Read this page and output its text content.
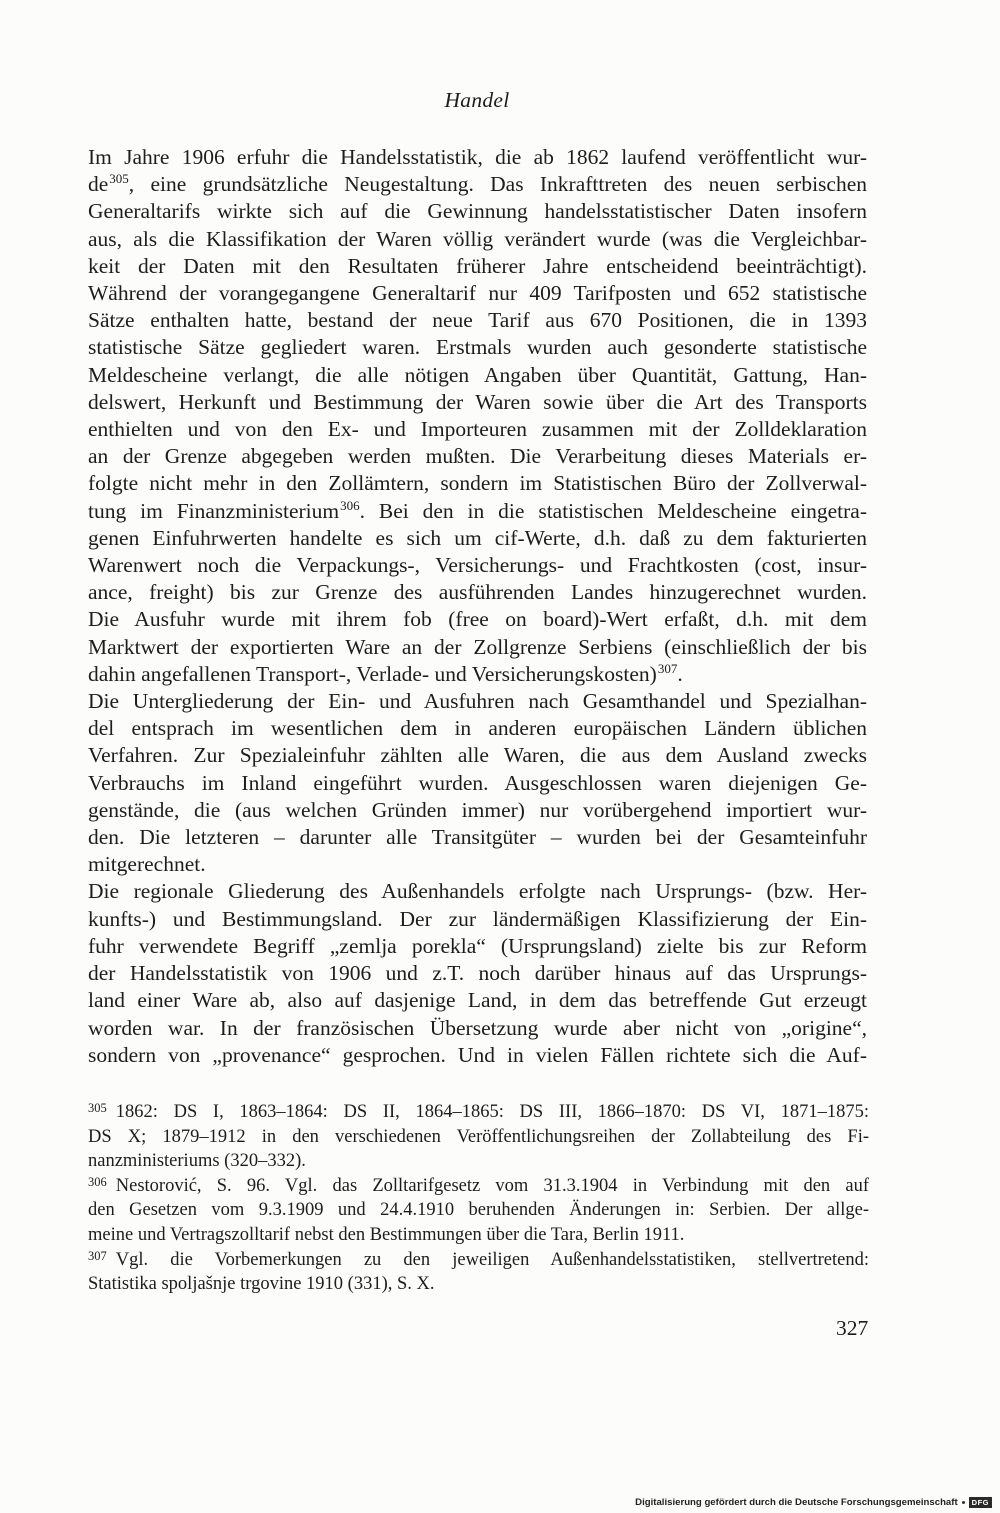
Handel
Im Jahre 1906 erfuhr die Handelsstatistik, die ab 1862 laufend veröffentlicht wur-
de$^{305}$, eine grundsätzliche Neugestaltung. Das Inkrafttreten des neuen serbischen
Generaltarifs wirkte sich auf die Gewinnung handelsstatistischer Daten insofern
aus, als die Klassifikation der Waren völlig verändert wurde (was die Vergleichbar-
keit der Daten mit den Resultaten früherer Jahre entscheidend beeinträchtigt).
Während der vorangegangene Generaltarif nur 409 Tarifposten und 652 statistische
Sätze enthalten hatte, bestand der neue Tarif aus 670 Positionen, die in 1393
statistische Sätze gegliedert waren. Erstmals wurden auch gesonderte statistische
Meldescheine verlangt, die alle nötigen Angaben über Quantität, Gattung, Han-
delswert, Herkunft und Bestimmung der Waren sowie über die Art des Transports
enthielten und von den Ex- und Importeuren zusammen mit der Zolldeklaration
an der Grenze abgegeben werden mußten. Die Verarbeitung dieses Materials er-
folgte nicht mehr in den Zollämtern, sondern im Statistischen Büro der Zollverwal-
tung im Finanzministerium$^{306}$. Bei den in die statistischen Meldescheine eingetra-
genen Einfuhrwerten handelte es sich um cif-Werte, d.h. daß zu dem fakturierten
Warenwert noch die Verpackungs-, Versicherungs- und Frachtkosten (cost, insur-
ance, freight) bis zur Grenze des ausführenden Landes hinzugerechnet wurden.
Die Ausfuhr wurde mit ihrem fob (free on board)-Wert erfaßt, d.h. mit dem
Marktwert der exportierten Ware an der Zollgrenze Serbiens (einschließlich der bis
dahin angefallenen Transport-, Verlade- und Versicherungskosten)$^{307}$.
Die Untergliederung der Ein- und Ausfuhren nach Gesamthandel und Spezialhan-
del entsprach im wesentlichen dem in anderen europäischen Ländern üblichen
Verfahren. Zur Spezialeinfuhr zählten alle Waren, die aus dem Ausland zwecks
Verbrauchs im Inland eingeführt wurden. Ausgeschlossen waren diejenigen Ge-
genstände, die (aus welchen Gründen immer) nur vorübergehend importiert wur-
den. Die letzteren – darunter alle Transitgüter – wurden bei der Gesamteinfuhr
mitgerechnet.
Die regionale Gliederung des Außenhandels erfolgte nach Ursprungs- (bzw. Her-
kunfts-) und Bestimmungsland. Der zur ländermäßigen Klassifizierung der Ein-
fuhr verwendete Begriff „zemlja porekla“ (Ursprungsland) zielte bis zur Reform
der Handelsstatistik von 1906 und z.T. noch darüber hinaus auf das Ursprungs-
land einer Ware ab, also auf dasjenige Land, in dem das betreffende Gut erzeugt
worden war. In der französischen Übersetzung wurde aber nicht von „origine“,
sondern von „provenance“ gesprochen. Und in vielen Fällen richtete sich die Auf-
$^{305}$ 1862: DS I, 1863–1864: DS II, 1864–1865: DS III, 1866–1870: DS VI, 1871–1875:
DS X; 1879–1912 in den verschiedenen Veröffentlichungsreihen der Zollabteilung des Fi-
nanzministeriums (320–332).
$^{306}$ Nestorović, S. 96. Vgl. das Zolltarifgesetz vom 31.3.1904 in Verbindung mit den auf
den Gesetzen vom 9.3.1909 und 24.4.1910 beruhenden Änderungen in: Serbien. Der allge-
meine und Vertragszolltarif nebst den Bestimmungen über die Tara, Berlin 1911.
$^{307}$ Vgl. die Vorbemerkungen zu den jeweiligen Außenhandelsstatistiken, stellvertretend:
Statistika spoljašnje trgovine 1910 (331), S. X.
327
Digitalisierung gefördert durch die Deutsche Forschungsgemeinschaft	DFG
